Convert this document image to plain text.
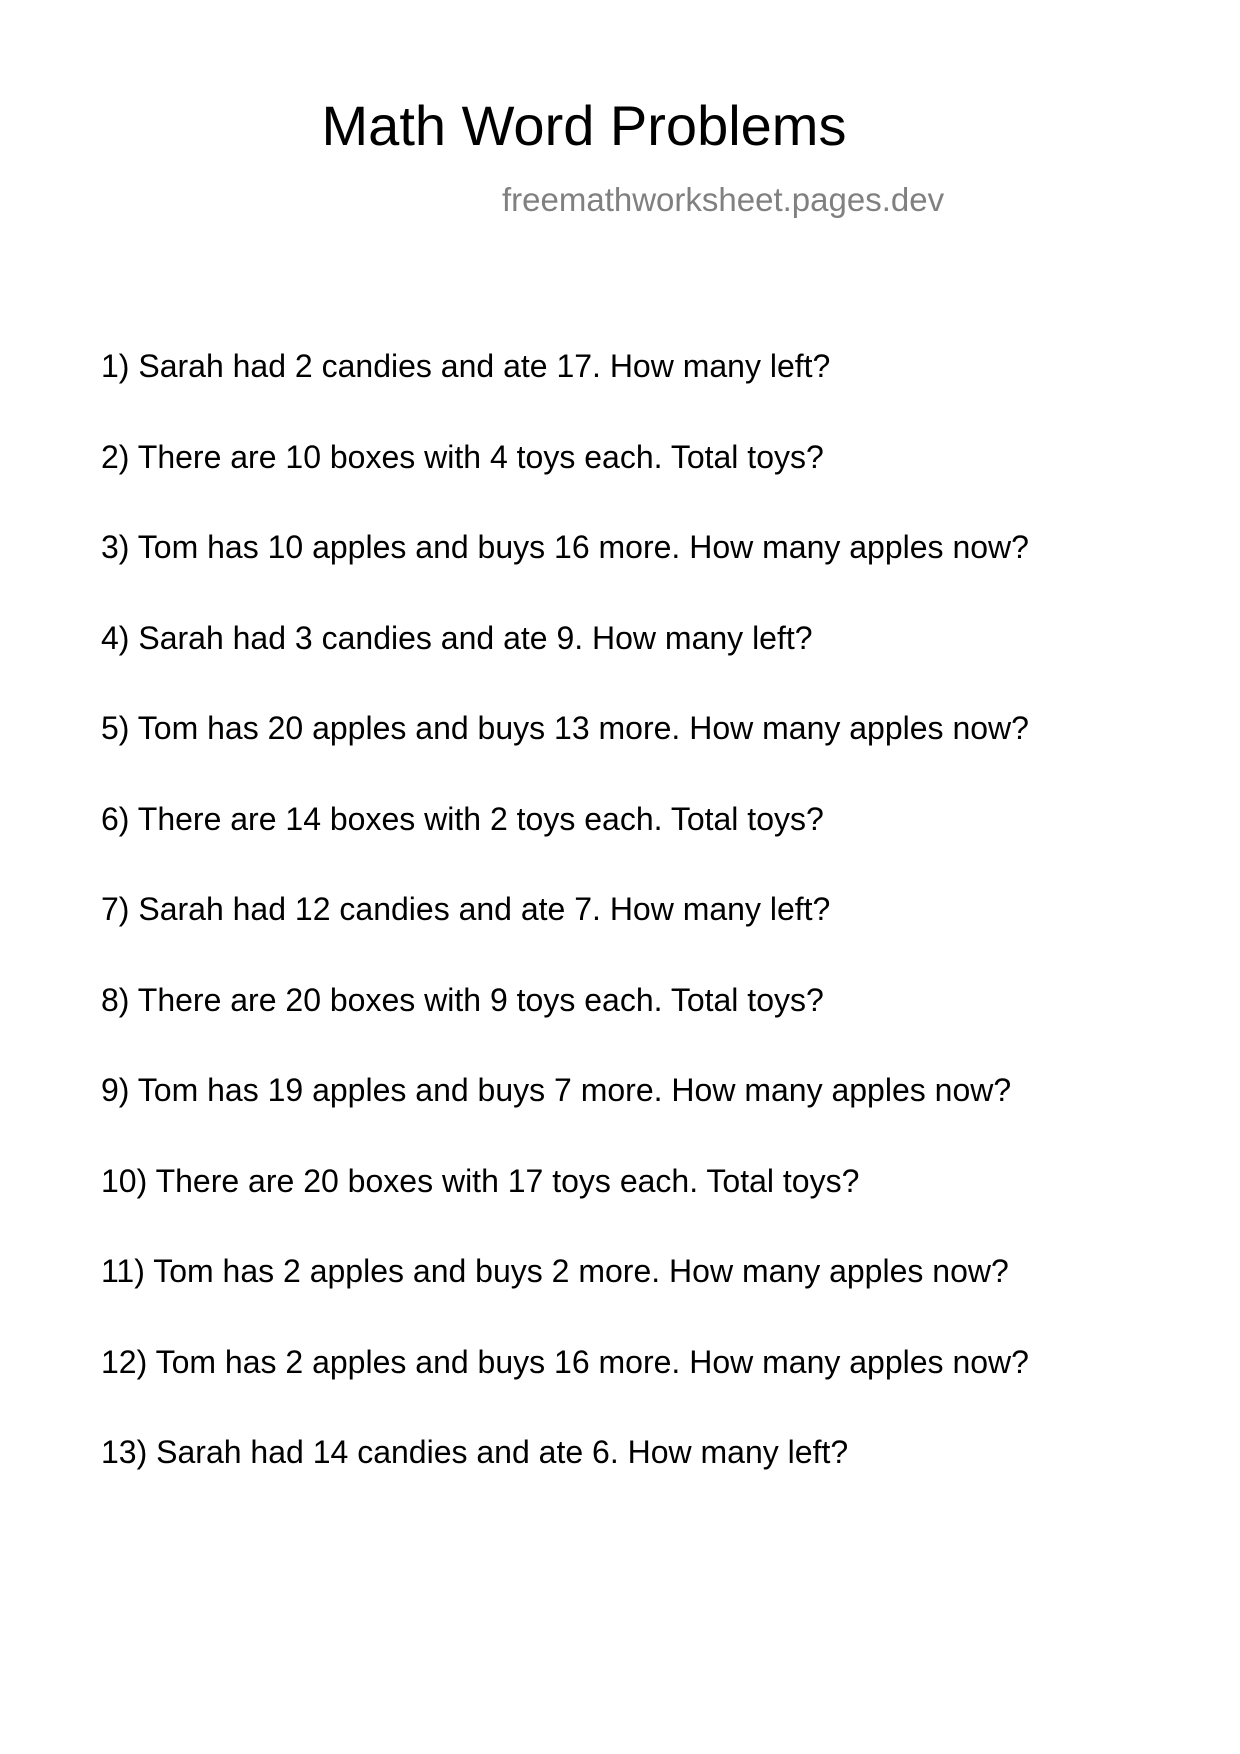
Math Word Problems

freemathworksheet.pages.dev

1) Sarah had 2 candies and ate 17. How many left?
2) There are 10 boxes with 4 toys each. Total toys?
3) Tom has 10 apples and buys 16 more. How many apples now?
4) Sarah had 3 candies and ate 9. How many left?
5) Tom has 20 apples and buys 13 more. How many apples now?
6) There are 14 boxes with 2 toys each. Total toys?
7) Sarah had 12 candies and ate 7. How many left?
8) There are 20 boxes with 9 toys each. Total toys?
9) Tom has 19 apples and buys 7 more. How many apples now?
10) There are 20 boxes with 17 toys each. Total toys?
11) Tom has 2 apples and buys 2 more. How many apples now?
12) Tom has 2 apples and buys 16 more. How many apples now?
13) Sarah had 14 candies and ate 6. How many left?
